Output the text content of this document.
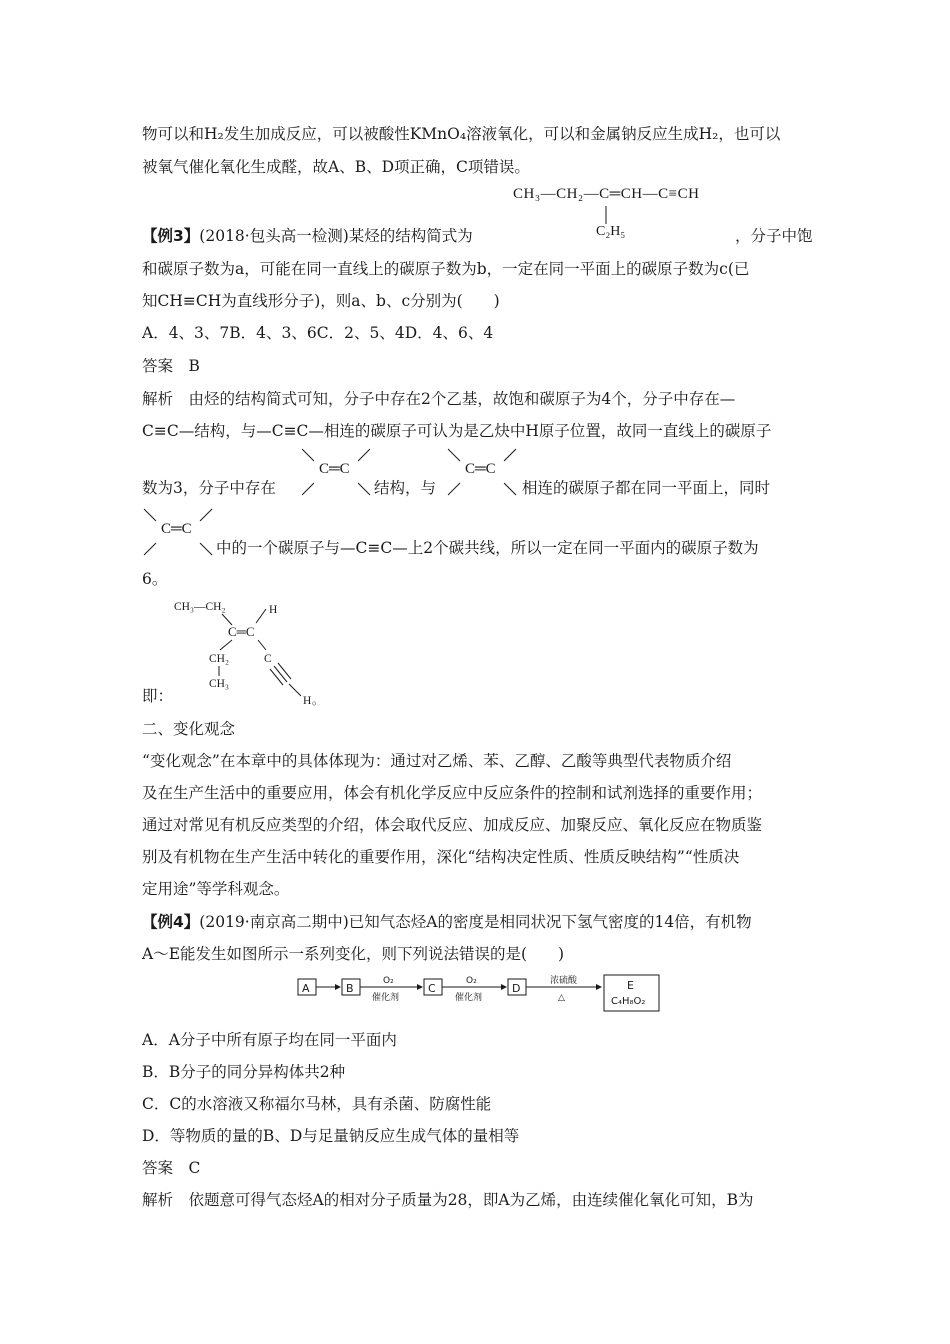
物可以和H₂发生加成反应，可以被酸性KMnO₄溶液氧化，可以和金属钠反应生成H₂，也可以
被氧气催化氧化生成醛，故A、B、D项正确，C项错误。
CH₃—CH₂—C═CH—C≡CH
C₂H₅
【例3】(2018·包头高一检测)某烃的结构简式为	，分子中饱
和碳原子数为a，可能在同一直线上的碳原子数为b，一定在同一平面上的碳原子数为c(已
知CH≡CH为直线形分子)，则a、b、c分别为(　　)
A．4、3、7B．4、3、6C．2、5、4D．4、6、4
答案　B
解析　由烃的结构简式可知，分子中存在2个乙基，故饱和碳原子为4个，分子中存在—
C≡C—结构，与—C≡C—相连的碳原子可认为是乙炔中H原子位置，故同一直线上的碳原子
数为3，分子中存在
C═C
结构，与
C═C
相连的碳原子都在同一平面上，同时
C═C
中的一个碳原子与—C≡C—上2个碳共线，所以一定在同一平面内的碳原子数为
6。
CH₃—CH₂	H
C═C
CH₂
CH₃
C
H 。
即：
二、变化观念
“变化观念”在本章中的具体体现为：通过对乙烯、苯、乙醇、乙酸等典型代表物质介绍
及在生产生活中的重要应用，体会有机化学反应中反应条件的控制和试剂选择的重要作用；
通过对常见有机反应类型的介绍，体会取代反应、加成反应、加聚反应、氧化反应在物质鉴
别及有机物在生产生活中转化的重要作用，深化“结构决定性质、性质反映结构”“性质决
定用途”等学科观念。
【例4】(2019·南京高二期中)已知气态烃A的密度是相同状况下氢气密度的14倍，有机物
A～E能发生如图所示一系列变化，则下列说法错误的是(　　)
A	B
O₂
催化剂
C
O₂
催化剂
D
浓硫酸
△
E
C₄H₈O₂
A．A分子中所有原子均在同一平面内
B．B分子的同分异构体共2种
C．C的水溶液又称福尔马林，具有杀菌、防腐性能
D．等物质的量的B、D与足量钠反应生成气体的量相等
答案　C
解析　依题意可得气态烃A的相对分子质量为28，即A为乙烯，由连续催化氧化可知，B为
